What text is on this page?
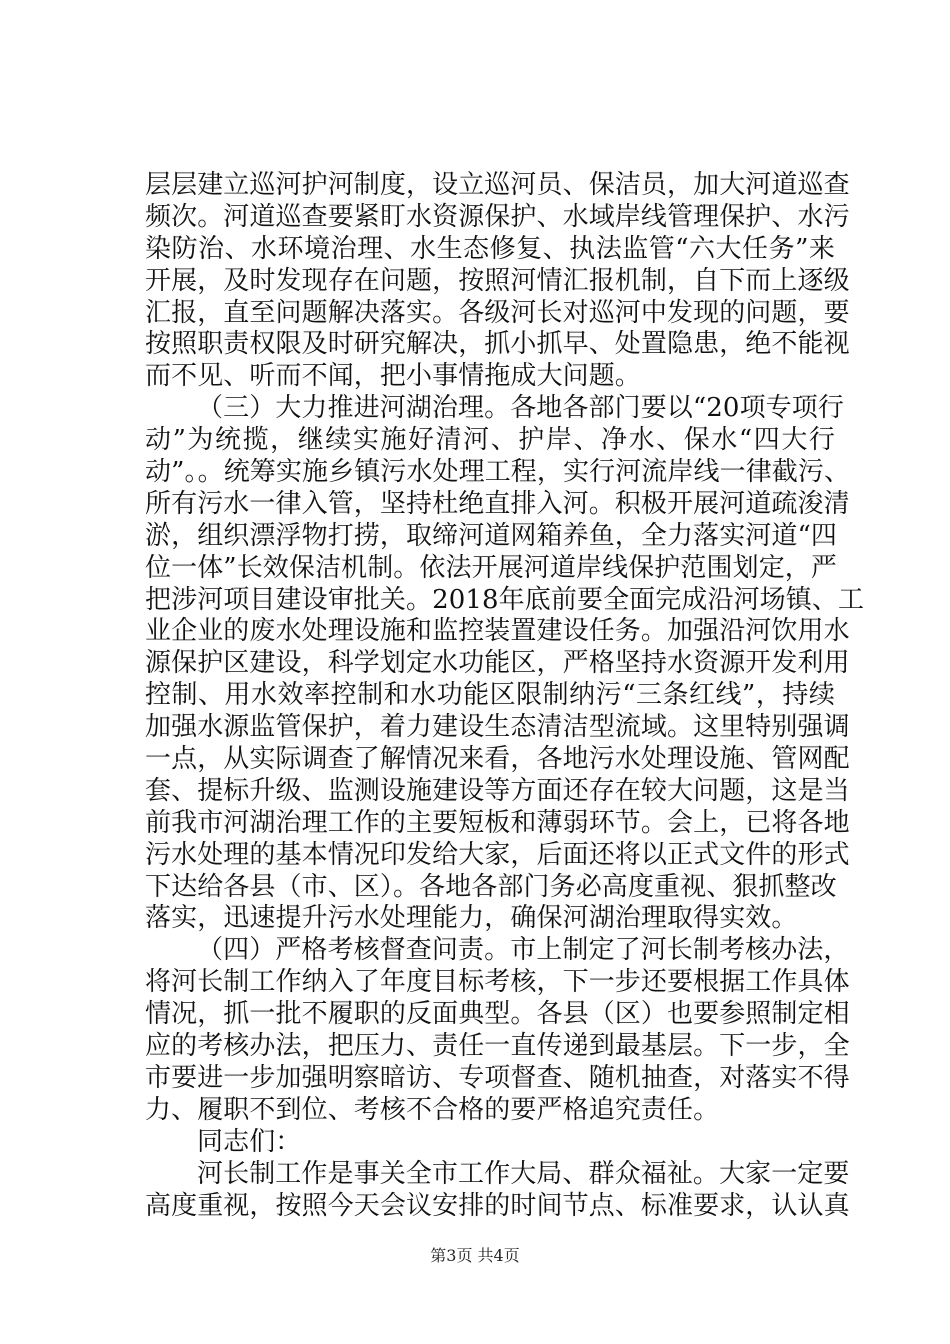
层层建立巡河护河制度，设立巡河员、保洁员，加大河道巡查
频次。河道巡查要紧盯水资源保护、水域岸线管理保护、水污
染防治、水环境治理、水生态修复、执法监管“六大任务”来
开展，及时发现存在问题，按照河情汇报机制，自下而上逐级
汇报，直至问题解决落实。各级河长对巡河中发现的问题，要
按照职责权限及时研究解决，抓小抓早、处置隐患，绝不能视
而不见、听而不闻，把小事情拖成大问题。
（三）大力推进河湖治理。各地各部门要以“20项专项行
动”为统揽，继续实施好清河、护岸、净水、保水“四大行
动”。。统筹实施乡镇污水处理工程，实行河流岸线一律截污、
所有污水一律入管，坚持杜绝直排入河。积极开展河道疏浚清
淤，组织漂浮物打捞，取缔河道网箱养鱼，全力落实河道“四
位一体”长效保洁机制。依法开展河道岸线保护范围划定，严
把涉河项目建设审批关。2018年底前要全面完成沿河场镇、工
业企业的废水处理设施和监控装置建设任务。加强沿河饮用水
源保护区建设，科学划定水功能区，严格坚持水资源开发利用
控制、用水效率控制和水功能区限制纳污“三条红线”，持续
加强水源监管保护，着力建设生态清洁型流域。这里特别强调
一点，从实际调查了解情况来看，各地污水处理设施、管网配
套、提标升级、监测设施建设等方面还存在较大问题，这是当
前我市河湖治理工作的主要短板和薄弱环节。会上，已将各地
污水处理的基本情况印发给大家，后面还将以正式文件的形式
下达给各县（市、区）。各地各部门务必高度重视、狠抓整改
落实，迅速提升污水处理能力，确保河湖治理取得实效。
（四）严格考核督查问责。市上制定了河长制考核办法，
将河长制工作纳入了年度目标考核，下一步还要根据工作具体
情况，抓一批不履职的反面典型。各县（区）也要参照制定相
应的考核办法，把压力、责任一直传递到最基层。下一步，全
市要进一步加强明察暗访、专项督查、随机抽查，对落实不得
力、履职不到位、考核不合格的要严格追究责任。
同志们：
河长制工作是事关全市工作大局、群众福祉。大家一定要
高度重视，按照今天会议安排的时间节点、标准要求，认认真
第3页 共4页
